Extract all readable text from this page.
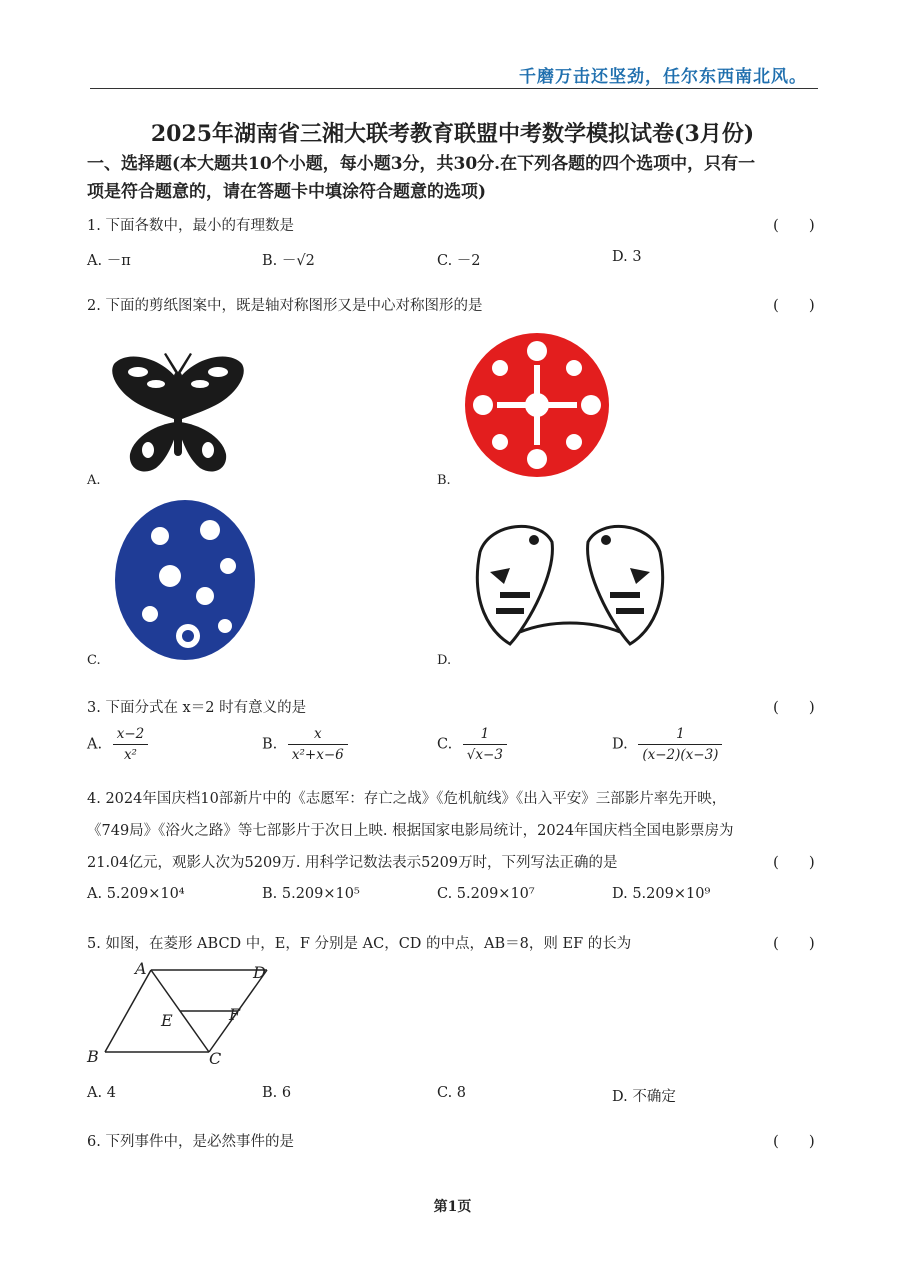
千磨万击还坚劲，任尔东西南北风。
2025年湖南省三湘大联考教育联盟中考数学模拟试卷(3月份)
一、选择题(本大题共10个小题，每小题3分，共30分.在下列各题的四个选项中，只有一
项是符合题意的，请在答题卡中填涂符合题意的选项)
1. 下面各数中，最小的有理数是	(　　)
A. －π	B. －√2	C. －2	D. 3
2. 下面的剪纸图案中，既是轴对称图形又是中心对称图形的是	(　　)
A.	B.
C.	D.
3. 下面分式在 x＝2 时有意义的是	(　　)
A. $\frac{x-2}{\text{x²}}$	B. $\frac{x}{\text{x²+x−6}}$	C. $\frac{1}{√x-3}$	D. $\frac{1}{(x-2)(x-3)}$
4. 2024年国庆档10部新片中的《志愿军：存亡之战》《危机航线》《出入平安》三部影片率先开映，
《749局》《浴火之路》等七部影片于次日上映. 根据国家电影局统计，2024年国庆档全国电影票房为
21.04亿元，观影人次为5209万. 用科学记数法表示5209万时，下列写法正确的是	(　　)
A. 5.209×10⁴	B. 5.209×10⁵	C. 5.209×10⁷	D. 5.209×10⁹
5. 如图，在菱形 ABCD 中，E，F 分别是 AC，CD 的中点，AB＝8，则 EF 的长为	(　　)
A	D
E	F
B	C
A. 4	B. 6	C. 8	D. 不确定
6. 下列事件中，是必然事件的是	(　　)
第1页
